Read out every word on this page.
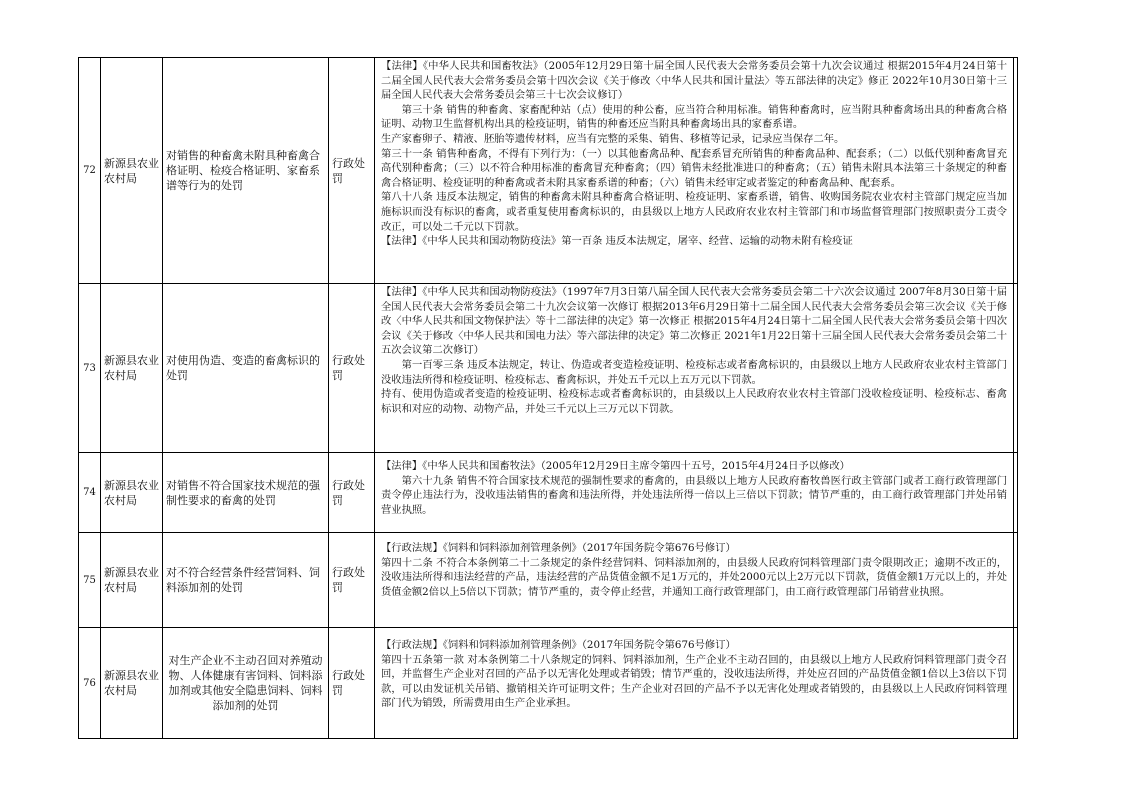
72
新源县农业农村局
对销售的种畜禽未附具种畜禽合格证明、检疫合格证明、家畜系谱等行为的处罚
行政处罚

【法律】《中华人民共和国畜牧法》（2005年12月29日第十届全国人民代表大会常务委员会第十九次会议通过 根据2015年4月24日第十二届全国人民代表大会常务委员会第十四次会议《关于修改〈中华人民共和国计量法〉等五部法律的决定》修正 2022年10月30日第十三届全国人民代表大会常务委员会第三十七次会议修订）

第三十条 销售的种畜禽、家畜配种站（点）使用的种公畜，应当符合种用标准。销售种畜禽时，应当附具种畜禽场出具的种畜禽合格证明、动物卫生监督机构出具的检疫证明，销售的种畜还应当附具种畜禽场出具的家畜系谱。

生产家畜卵子、精液、胚胎等遗传材料，应当有完整的采集、销售、移植等记录，记录应当保存二年。

第三十一条 销售种畜禽，不得有下列行为：（一）以其他畜禽品种、配套系冒充所销售的种畜禽品种、配套系；（二）以低代别种畜禽冒充高代别种畜禽；（三）以不符合种用标准的畜禽冒充种畜禽；（四）销售未经批准进口的种畜禽；（五）销售未附具本法第三十条规定的种畜禽合格证明、检疫证明的种畜禽或者未附具家畜系谱的种畜；（六）销售未经审定或者鉴定的种畜禽品种、配套系。

第八十八条 违反本法规定，销售的种畜禽未附具种畜禽合格证明、检疫证明、家畜系谱，销售、收购国务院农业农村主管部门规定应当加施标识而没有标识的畜禽，或者重复使用畜禽标识的，由县级以上地方人民政府农业农村主管部门和市场监督管理部门按照职责分工责令改正，可以处二千元以下罚款。

【法律】《中华人民共和国动物防疫法》第一百条 违反本法规定，屠宰、经营、运输的动物未附有检疫证

73
新源县农业农村局
对使用伪造、变造的畜禽标识的处罚
行政处罚

【法律】《中华人民共和国动物防疫法》（1997年7月3日第八届全国人民代表大会常务委员会第二十六次会议通过 2007年8月30日第十届全国人民代表大会常务委员会第二十九次会议第一次修订 根据2013年6月29日第十二届全国人民代表大会常务委员会第三次会议《关于修改〈中华人民共和国文物保护法〉等十二部法律的决定》第一次修正 根据2015年4月24日第十二届全国人民代表大会常务委员会第十四次会议《关于修改〈中华人民共和国电力法〉等六部法律的决定》第二次修正 2021年1月22日第十三届全国人民代表大会常务委员会第二十五次会议第二次修订）

第一百零三条 违反本法规定，转让、伪造或者变造检疫证明、检疫标志或者畜禽标识的，由县级以上地方人民政府农业农村主管部门没收违法所得和检疫证明、检疫标志、畜禽标识，并处五千元以上五万元以下罚款。

持有、使用伪造或者变造的检疫证明、检疫标志或者畜禽标识的，由县级以上人民政府农业农村主管部门没收检疫证明、检疫标志、畜禽标识和对应的动物、动物产品，并处三千元以上三万元以下罚款。

74
新源县农业农村局
对销售不符合国家技术规范的强制性要求的畜禽的处罚
行政处罚

【法律】《中华人民共和国畜牧法》（2005年12月29日主席令第四十五号，2015年4月24日予以修改）

第六十九条 销售不符合国家技术规范的强制性要求的畜禽的，由县级以上地方人民政府畜牧兽医行政主管部门或者工商行政管理部门责令停止违法行为，没收违法销售的畜禽和违法所得，并处违法所得一倍以上三倍以下罚款；情节严重的，由工商行政管理部门并处吊销营业执照。

75
新源县农业农村局
对不符合经营条件经营饲料、饲料添加剂的处罚
行政处罚

【行政法规】《饲料和饲料添加剂管理条例》（2017年国务院令第676号修订）

第四十二条 不符合本条例第二十二条规定的条件经营饲料、饲料添加剂的，由县级人民政府饲料管理部门责令限期改正；逾期不改正的，没收违法所得和违法经营的产品，违法经营的产品货值金额不足1万元的，并处2000元以上2万元以下罚款，货值金额1万元以上的，并处货值金额2倍以上5倍以下罚款；情节严重的，责令停止经营，并通知工商行政管理部门，由工商行政管理部门吊销营业执照。

76
新源县农业农村局
对生产企业不主动召回对养殖动物、人体健康有害饲料、饲料添加剂或其他安全隐患饲料、饲料添加剂的处罚
行政处罚

【行政法规】《饲料和饲料添加剂管理条例》（2017年国务院令第676号修订）

第四十五条第一款 对本条例第二十八条规定的饲料、饲料添加剂，生产企业不主动召回的，由县级以上地方人民政府饲料管理部门责令召回，并监督生产企业对召回的产品予以无害化处理或者销毁；情节严重的，没收违法所得，并处应召回的产品货值金额1倍以上3倍以下罚款，可以由发证机关吊销、撤销相关许可证明文件；生产企业对召回的产品不予以无害化处理或者销毁的，由县级以上人民政府饲料管理部门代为销毁，所需费用由生产企业承担。
